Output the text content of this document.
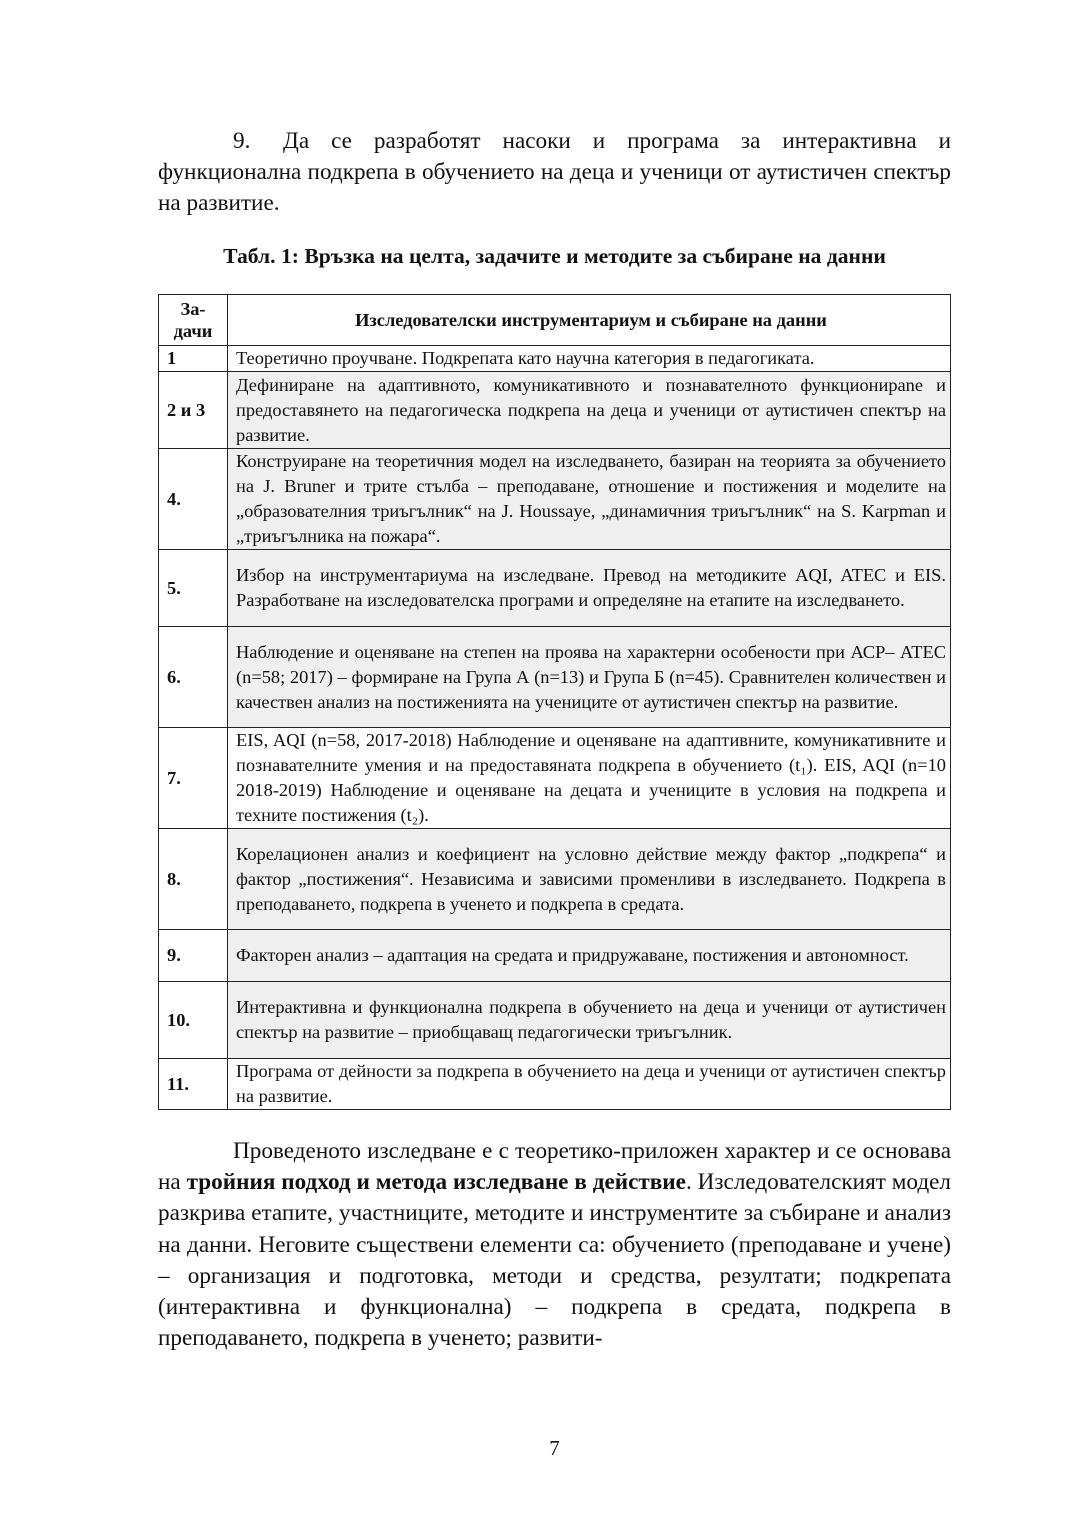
9. Да се разработят насоки и програма за интерактивна и функционална подкрепа в обучението на деца и ученици от аутистичен спектър на развитие.

Табл. 1: Връзка на целта, задачите и методите за събиране на данни
За-
дачи	Изследователски инструментариум и събиране на данни
1	Теоретично проучване. Подкрепата като научна категория в педагогиката.
2 и 3	Дефиниране на адаптивното, комуникативното и познавателното функционирane и предоставянето на педагогическа подкрепа на деца и ученици от аутистичен спектър на развитие.
4.	Конструиране на теоретичния модел на изследването, базиран на теорията за обучението на J. Bruner и трите стълба – преподаване, отношение и постижения и моделите на „образователния триъгълник“ на J. Houssaye, „динамичния триъгълник“ на S. Karpman и „триъгълника на пожара“.
5.	Избор на инструментариума на изследване. Превод на методиките AQI, ATEC и EIS. Разработване на изследователска програми и определяне на етапите на изследването.
6.	Наблюдение и оценяване на степен на проява на характерни особености при АСР– ATEC (n=58; 2017) – формиране на Група А (n=13) и Група Б (n=45). Сравнителен количествен и качествен анализ на постиженията на учениците от аутистичен спектър на развитие.
7.	EIS, AQI (n=58, 2017-2018) Наблюдение и оценяване на адаптивните, комуникативните и познавателните умения и на предоставяната подкрепа в обучението (t₁). EIS, AQI (n=10 2018-2019) Наблюдение и оценяване на децата и учениците в условия на подкрепа и техните постижения (t₂).
8.	Корелационен анализ и коефициент на условно действие между фактор „подкрепа“ и фактор „постижения“. Независима и зависими променливи в изследването. Подкрепа в преподаването, подкрепа в ученето и подкрепа в средата.
9.	Факторен анализ – адаптация на средата и придружаване, постижения и автономност.
10.	Интерактивна и функционална подкрепа в обучението на деца и ученици от аутистичен спектър на развитие – приобщаващ педагогически триъгълник.
11.	Програма от дейности за подкрепа в обучението на деца и ученици от аутистичен спектър на развитие.

Проведеното изследване е с теоретико-приложен характер и се основава на тройния подход и метода изследване в действие. Изследователският модел разкрива етапите, участниците, методите и инструментите за събиране и анализ на данни. Неговите съществени елементи са: обучението (преподаване и учене) – организация и подготовка, методи и средства, резултати; подкрепата (интерактивна и функционална) – подкрепа в средата, подкрепа в преподаването, подкрепа в ученето; развити-

7
